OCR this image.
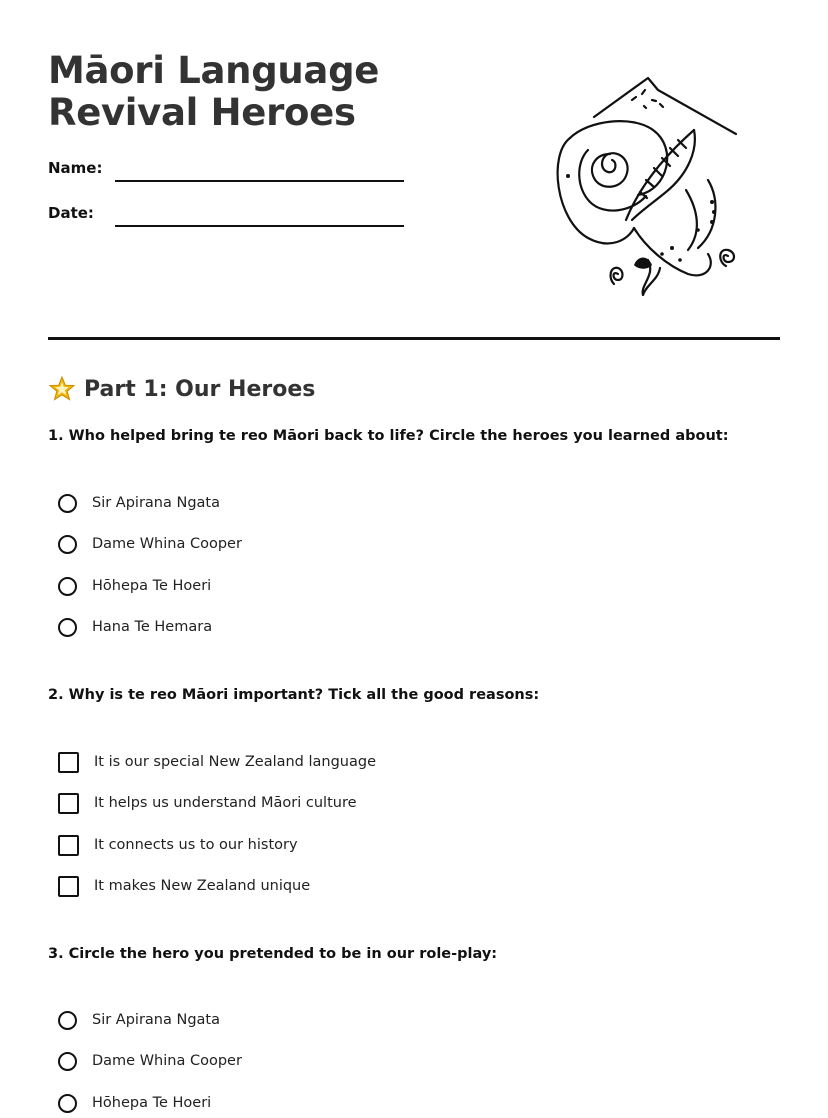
Māori Language Revival Heroes
Name:
Date:
Part 1: Our Heroes
1. Who helped bring te reo Māori back to life? Circle the heroes you learned about:
Sir Apirana Ngata
Dame Whina Cooper
Hōhepa Te Hoeri
Hana Te Hemara
2. Why is te reo Māori important? Tick all the good reasons:
It is our special New Zealand language
It helps us understand Māori culture
It connects us to our history
It makes New Zealand unique
3. Circle the hero you pretended to be in our role-play:
Sir Apirana Ngata
Dame Whina Cooper
Hōhepa Te Hoeri
